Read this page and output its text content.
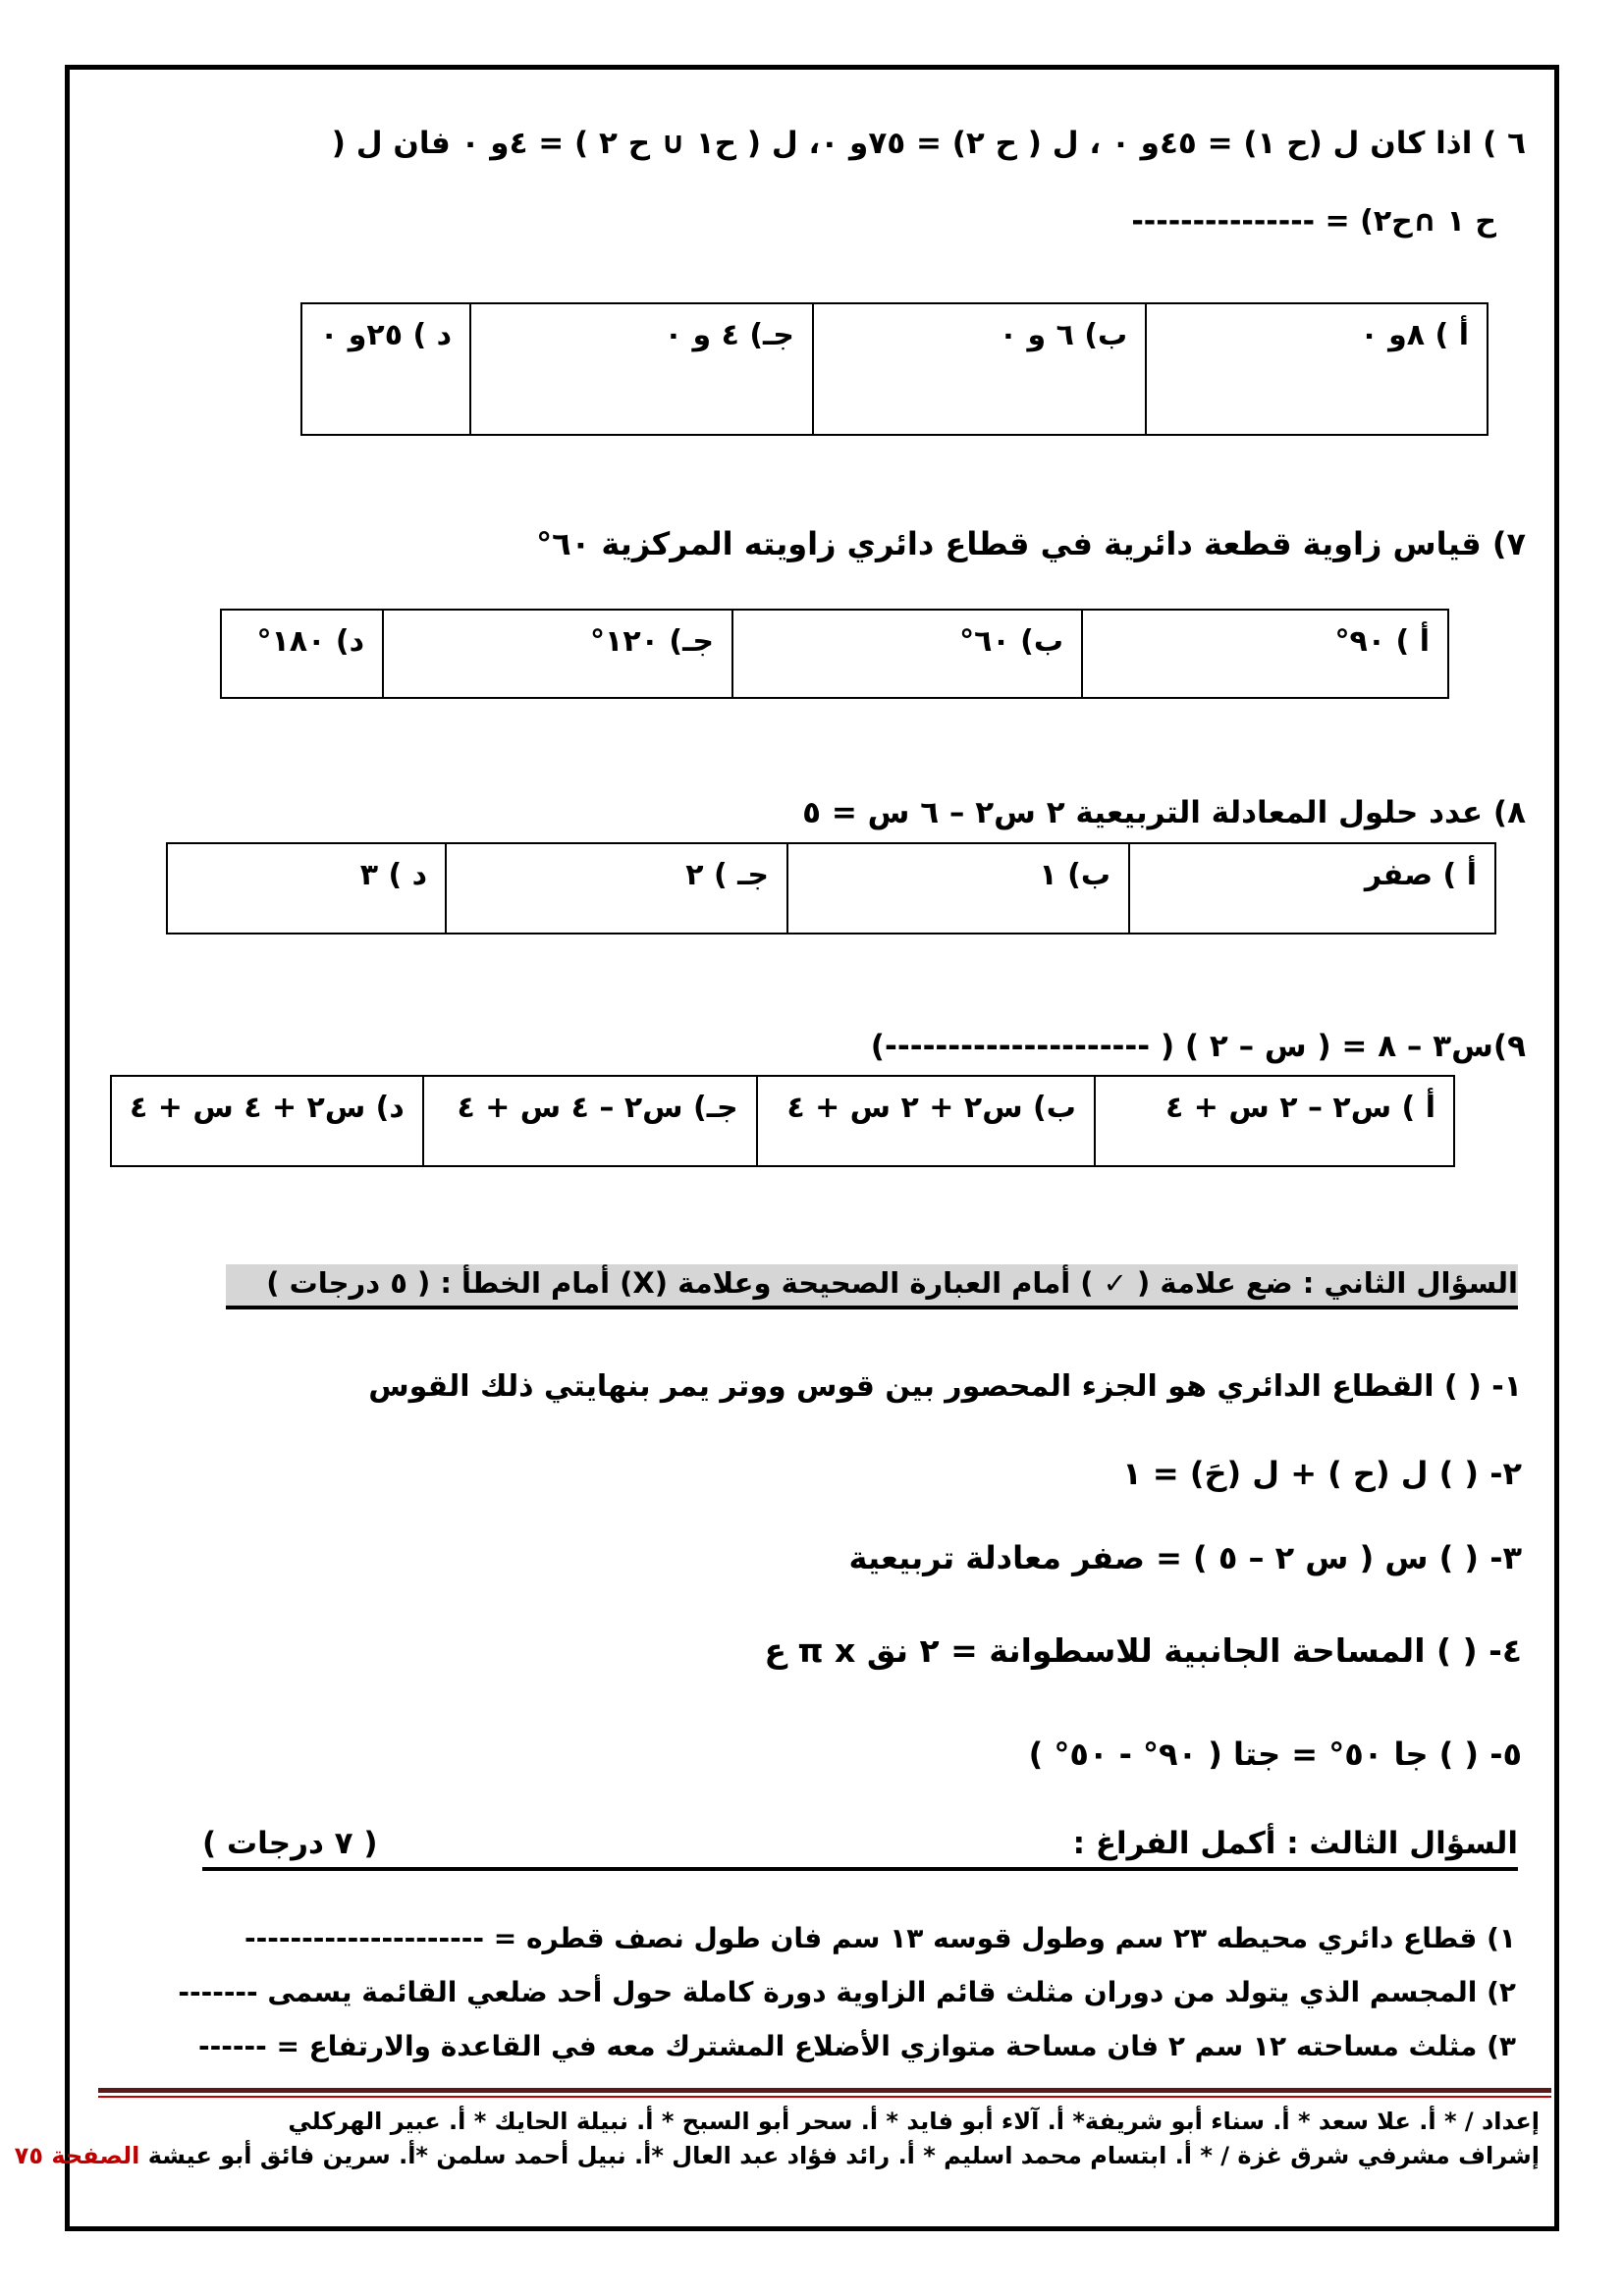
٦ ) اذا كان ل (ح ١) = ٤٥و ٠ ، ل ( ح ٢) = ٧٥و ٠، ل ( ح١ ∪ ح ٢ ) = ٤و ٠ فان ل (
ح ١ ∩ح٢) = ---------------
أ ) ٨و ٠	ب) ٦ و ٠	جـ) ٤ و ٠	د ) ٢٥و ٠
٧) قياس زاوية قطعة دائرية في قطاع دائري زاويته المركزية ٦٠°
أ ) ٩٠°	ب) ٦٠°	جـ) ١٢٠°	د) ١٨٠°
٨) عدد حلول المعادلة التربيعية ٢ س٢ – ٦ س = ٥
أ ) صفر	ب) ١	جـ ) ٢	د ) ٣
٩)س٣ – ٨ = ( س – ٢ ) ( ---------------------)
أ ) س٢ – ٢ س + ٤	ب) س٢ + ٢ س + ٤	جـ) س٢ – ٤ س + ٤	د) س٢ + ٤ س + ٤
السؤال الثاني : ضع علامة ( ✓ ) أمام العبارة الصحيحة وعلامة (X) أمام الخطأ : ( ٥ درجات )
١- ( ) القطاع الدائري هو الجزء المحصور بين قوس ووتر يمر بنهايتي ذلك القوس
٢- ( ) ل (ح ) + ل (حَ) = ١
٣- ( ) س ( س ٢ – ٥ ) = صفر معادلة تربيعية
٤- ( ) المساحة الجانبية للاسطوانة = ٢ نق π x ع
٥- ( ) جا ٥٠° = جتا ( ٩٠° - ٥٠° )
السؤال الثالث : أكمل الفراغ :
( ٧ درجات )
١) قطاع دائري محيطه ٢٣ سم وطول قوسه ١٣ سم فان طول نصف قطره = ---------------------
٢) المجسم الذي يتولد من دوران مثلث قائم الزاوية دورة كاملة حول أحد ضلعي القائمة يسمى -------
٣) مثلث مساحته ١٢ سم ٢ فان مساحة متوازي الأضلاع المشترك معه في القاعدة والارتفاع = ------
إعداد / * أ. علا سعد * أ. سناء أبو شريفة* أ. آلاء أبو فايد * أ. سحر أبو السبح * أ. نبيلة الحايك * أ. عبير الهركلي
إشراف مشرفي شرق غزة / * أ. ابتسام محمد اسليم * أ. رائد فؤاد عبد العال *أ. نبيل أحمد سلمن *أ. سرين فائق أبو عيشة الصفحة ٧٥
